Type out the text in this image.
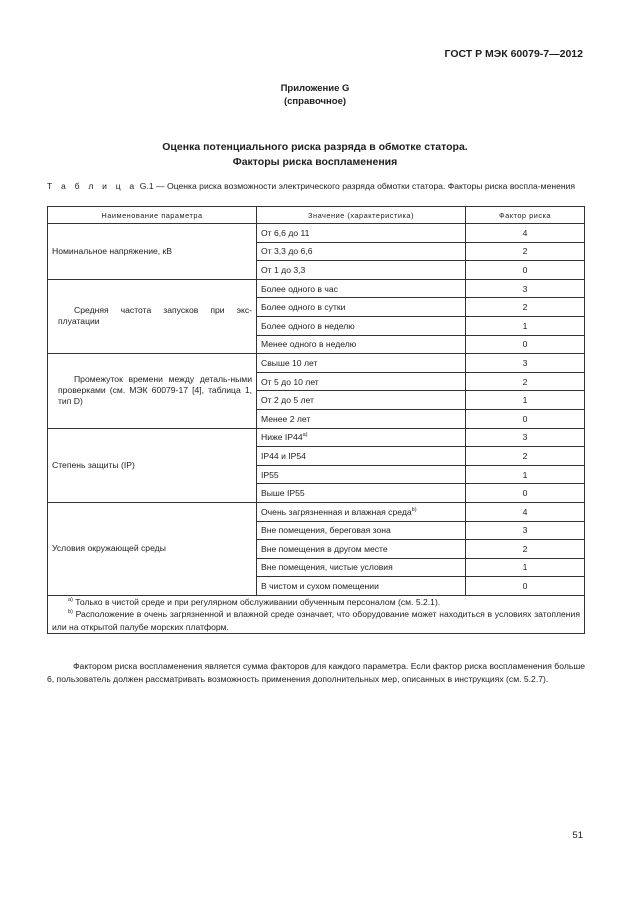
ГОСТ Р МЭК 60079-7—2012
Приложение G
(справочное)
Оценка потенциального риска разряда в обмотке статора.
Факторы риска воспламенения
Т а б л и ц а G.1 — Оценка риска возможности электрического разряда обмотки статора. Факторы риска воспла-менения
Наименование параметра	Значение (характеристика)	Фактор риска
Номинальное напряжение, кВ	От 6,6 до 11	4
	От 3,3 до 6,6	2
	От 1 до 3,3	0

Средняя частота запусков при экс-плуатации	Более одного в час	3
	Более одного в сутки	2
	Более одного в неделю	1
	Менее одного в неделю	0

Промежуток времени между деталь-ными проверками (см. МЭК 60079-17 [4], таблица 1, тип D)	Свыше 10 лет	3
	От 5 до 10 лет	2
	От 2 до 5 лет	1
	Менее 2 лет	0
Степень защиты (IP)	Ниже IP44$^{a)}$	3
	IP44 и IP54	2
	IP55	1
	Выше IP55	0
Условия окружающей среды	Очень загрязненная и влажная среда$^{b)}$	4
	Вне помещения, береговая зона	3
	Вне помещения в другом месте	2
	Вне помещения, чистые условия	1
	В чистом и сухом помещении	0

$^{a)}$ Только в чистой среде и при регулярном обслуживании обученным персоналом (см. 5.2.1).
$^{b)}$ Расположение в очень загрязненной и влажной среде означает, что оборудование может находиться в условиях затопления или на открытой палубе морских платформ.		
Фактором риска воспламенения является сумма факторов для каждого параметра. Если фактор риска воспламенения больше 6, пользователь должен рассматривать возможность применения дополнительных мер, описанных в инструкциях (см. 5.2.7).
51
